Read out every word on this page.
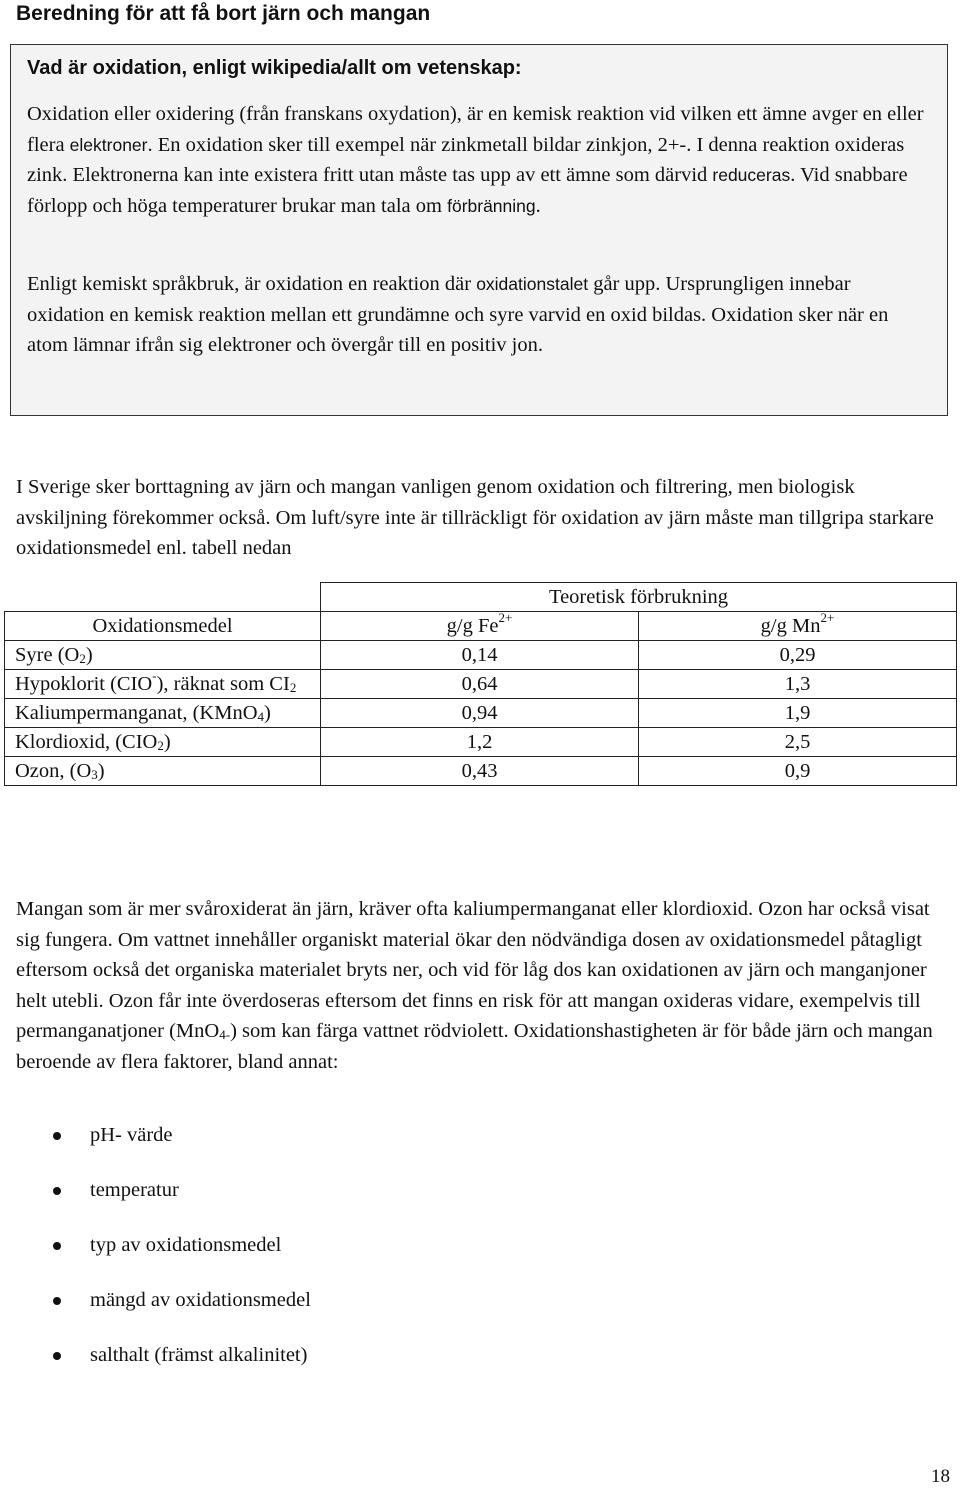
Beredning för att få bort järn och mangan

Vad är oxidation, enligt wikipedia/allt om vetenskap:

Oxidation eller oxidering (från franskans oxydation), är en kemisk reaktion vid vilken ett ämne avger en eller flera elektroner. En oxidation sker till exempel när zinkmetall bildar zinkjon, 2+-. I denna reaktion oxideras zink. Elektronerna kan inte existera fritt utan måste tas upp av ett ämne som därvid reduceras. Vid snabbare förlopp och höga temperaturer brukar man tala om förbränning.

Enligt kemiskt språkbruk, är oxidation en reaktion där oxidationstalet går upp. Ursprungligen innebar oxidation en kemisk reaktion mellan ett grundämne och syre varvid en oxid bildas. Oxidation sker när en atom lämnar ifrån sig elektroner och övergår till en positiv jon.

I Sverige sker borttagning av järn och mangan vanligen genom oxidation och filtrering, men biologisk avskiljning förekommer också. Om luft/syre inte är tillräckligt för oxidation av järn måste man tillgripa starkare oxidationsmedel enl. tabell nedan

	Teoretisk förbrukning	
Oxidationsmedel	g/g $Fe^{2+}$	g/g $Mn^{2+}$
Syre $(O_2)$	0,14	0,29
Hypoklorit (CIO-), räknat som $CI_2$	0,64	1,3
Kaliumpermanganat, (KMnO$_4$)	0,94	1,9
Klordioxid, $(CIO_2)$	1,2	2,5
Ozon, $(O_3)$	0,43	0,9

Mangan som är mer svåroxiderat än järn, kräver ofta kaliumpermanganat eller klordioxid. Ozon har också visat sig fungera. Om vattnet innehåller organiskt material ökar den nödvändiga dosen av oxidationsmedel påtagligt eftersom också det organiska materialet bryts ner, och vid för låg dos kan oxidationen av järn och manganjoner helt utebli. Ozon får inte överdoseras eftersom det finns en risk för att mangan oxideras vidare, exempelvis till permanganatjoner (MnO$_{4-}$) som kan färga vattnet rödviolett. Oxidationshastigheten är för både järn och mangan beroende av flera faktorer, bland annat:

pH- värde
temperatur
typ av oxidationsmedel
mängd av oxidationsmedel
salthalt (främst alkalinitet)
18
